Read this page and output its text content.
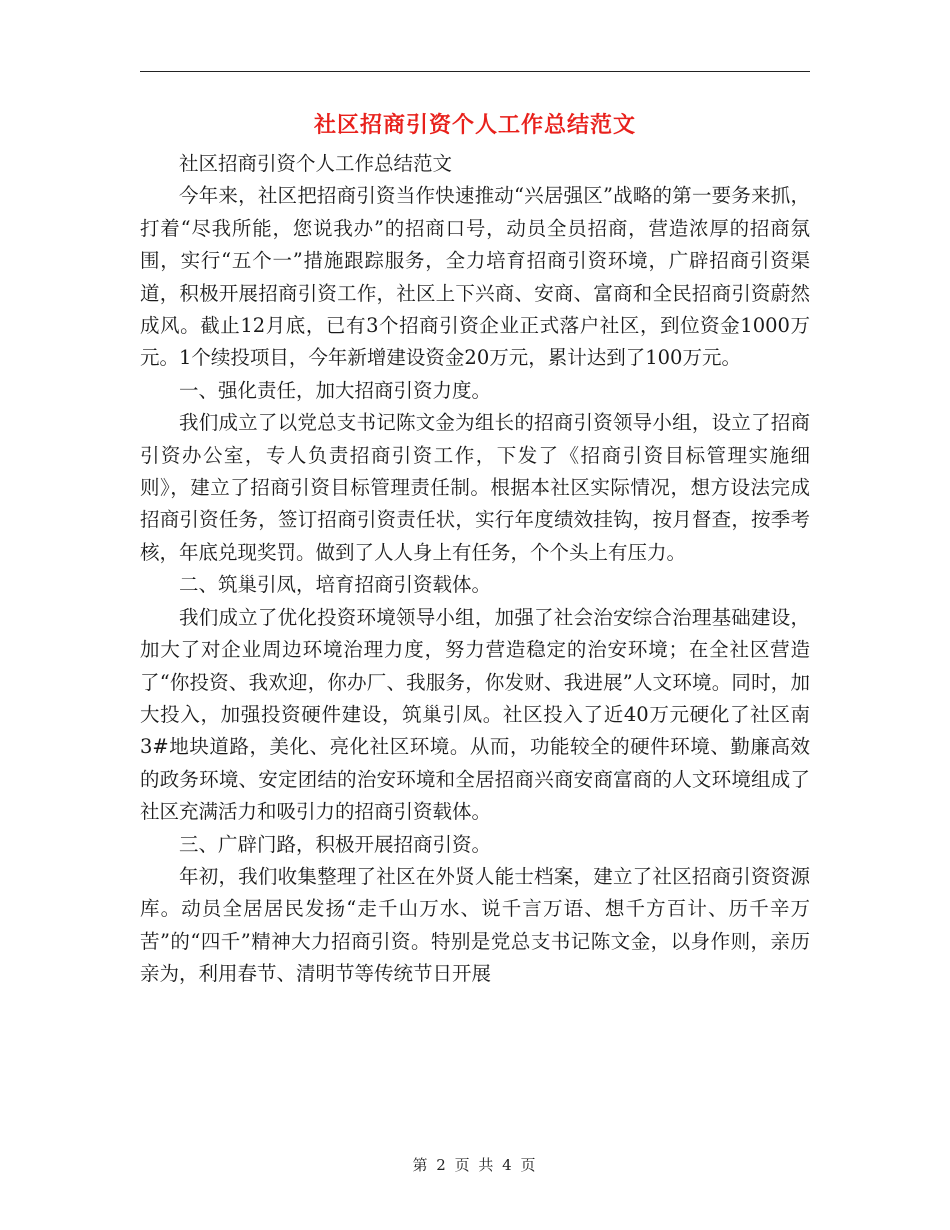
社区招商引资个人工作总结范文

社区招商引资个人工作总结范文

今年来，社区把招商引资当作快速推动“兴居强区”战略的第一要务来抓，打着“尽我所能，您说我办”的招商口号，动员全员招商，营造浓厚的招商氛围，实行“五个一”措施跟踪服务，全力培育招商引资环境，广辟招商引资渠道，积极开展招商引资工作，社区上下兴商、安商、富商和全民招商引资蔚然成风。截止12月底，已有3个招商引资企业正式落户社区，到位资金1000万元。1个续投项目，今年新增建设资金20万元，累计达到了100万元。

一、强化责任，加大招商引资力度。

我们成立了以党总支书记陈文金为组长的招商引资领导小组，设立了招商引资办公室，专人负责招商引资工作，下发了《招商引资目标管理实施细则》，建立了招商引资目标管理责任制。根据本社区实际情况，想方设法完成招商引资任务，签订招商引资责任状，实行年度绩效挂钩，按月督查，按季考核，年底兑现奖罚。做到了人人身上有任务，个个头上有压力。

二、筑巢引凤，培育招商引资载体。

我们成立了优化投资环境领导小组，加强了社会治安综合治理基础建设，加大了对企业周边环境治理力度，努力营造稳定的治安环境；在全社区营造了“你投资、我欢迎，你办厂、我服务，你发财、我进展”人文环境。同时，加大投入，加强投资硬件建设，筑巢引凤。社区投入了近40万元硬化了社区南3#地块道路，美化、亮化社区环境。从而，功能较全的硬件环境、勤廉高效的政务环境、安定团结的治安环境和全居招商兴商安商富商的人文环境组成了社区充满活力和吸引力的招商引资载体。

三、广辟门路，积极开展招商引资。

年初，我们收集整理了社区在外贤人能士档案，建立了社区招商引资资源库。动员全居居民发扬“走千山万水、说千言万语、想千方百计、历千辛万苦”的“四千”精神大力招商引资。特别是党总支书记陈文金，以身作则，亲历亲为，利用春节、清明节等传统节日开展

第 2 页 共 4 页
